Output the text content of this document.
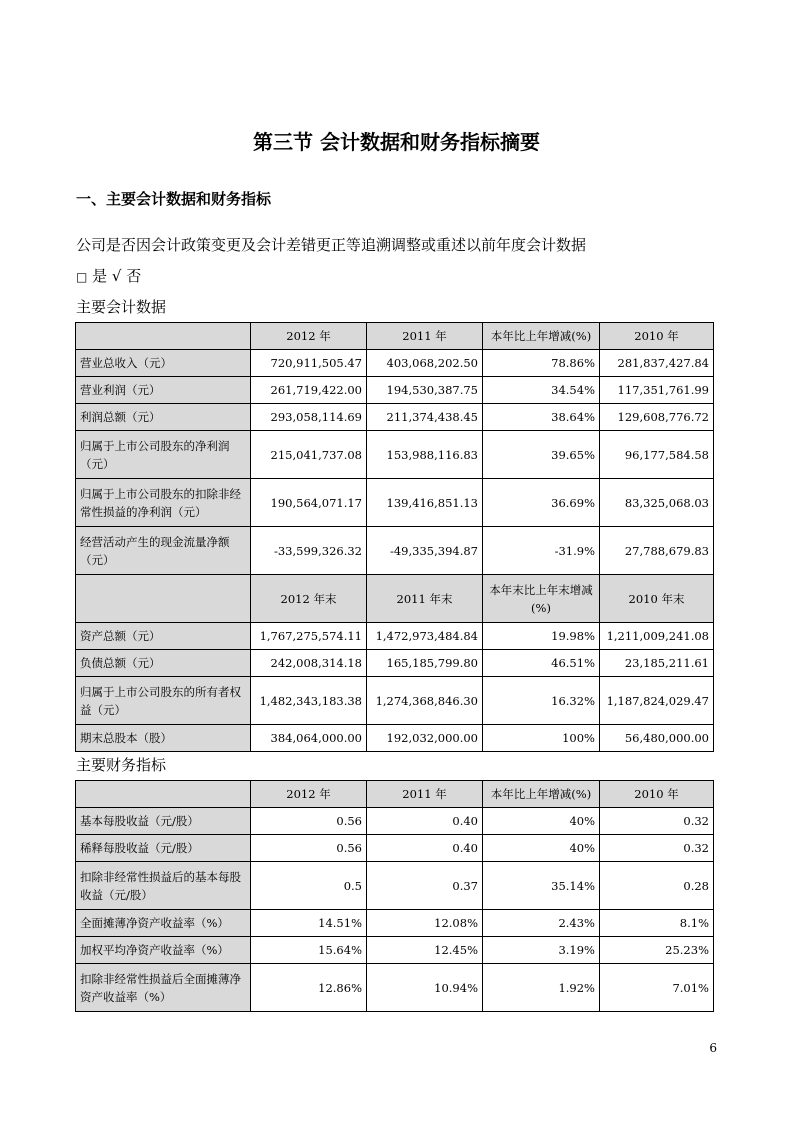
第三节 会计数据和财务指标摘要
一、主要会计数据和财务指标
公司是否因会计政策变更及会计差错更正等追溯调整或重述以前年度会计数据
□ 是 √ 否
主要会计数据
	2012 年	2011 年	本年比上年增减(%)	2010 年
营业总收入（元）	720,911,505.47	403,068,202.50	78.86%	281,837,427.84
营业利润（元）	261,719,422.00	194,530,387.75	34.54%	117,351,761.99
利润总额（元）	293,058,114.69	211,374,438.45	38.64%	129,608,776.72
归属于上市公司股东的净利润（元）	215,041,737.08	153,988,116.83	39.65%	96,177,584.58
归属于上市公司股东的扣除非经常性损益的净利润（元）	190,564,071.17	139,416,851.13	36.69%	83,325,068.03
经营活动产生的现金流量净额（元）	-33,599,326.32	-49,335,394.87	-31.9%	27,788,679.83
	2012 年末	2011 年末	本年末比上年末增减(%)	2010 年末
资产总额（元）	1,767,275,574.11	1,472,973,484.84	19.98%	1,211,009,241.08
负债总额（元）	242,008,314.18	165,185,799.80	46.51%	23,185,211.61
归属于上市公司股东的所有者权益（元）	1,482,343,183.38	1,274,368,846.30	16.32%	1,187,824,029.47
期末总股本（股）	384,064,000.00	192,032,000.00	100%	56,480,000.00
主要财务指标
	2012 年	2011 年	本年比上年增减(%)	2010 年
基本每股收益（元/股）	0.56	0.40	40%	0.32
稀释每股收益（元/股）	0.56	0.40	40%	0.32
扣除非经常性损益后的基本每股收益（元/股）	0.5	0.37	35.14%	0.28
全面摊薄净资产收益率（%）	14.51%	12.08%	2.43%	8.1%
加权平均净资产收益率（%）	15.64%	12.45%	3.19%	25.23%
扣除非经常性损益后全面摊薄净资产收益率（%）	12.86%	10.94%	1.92%	7.01%
6
